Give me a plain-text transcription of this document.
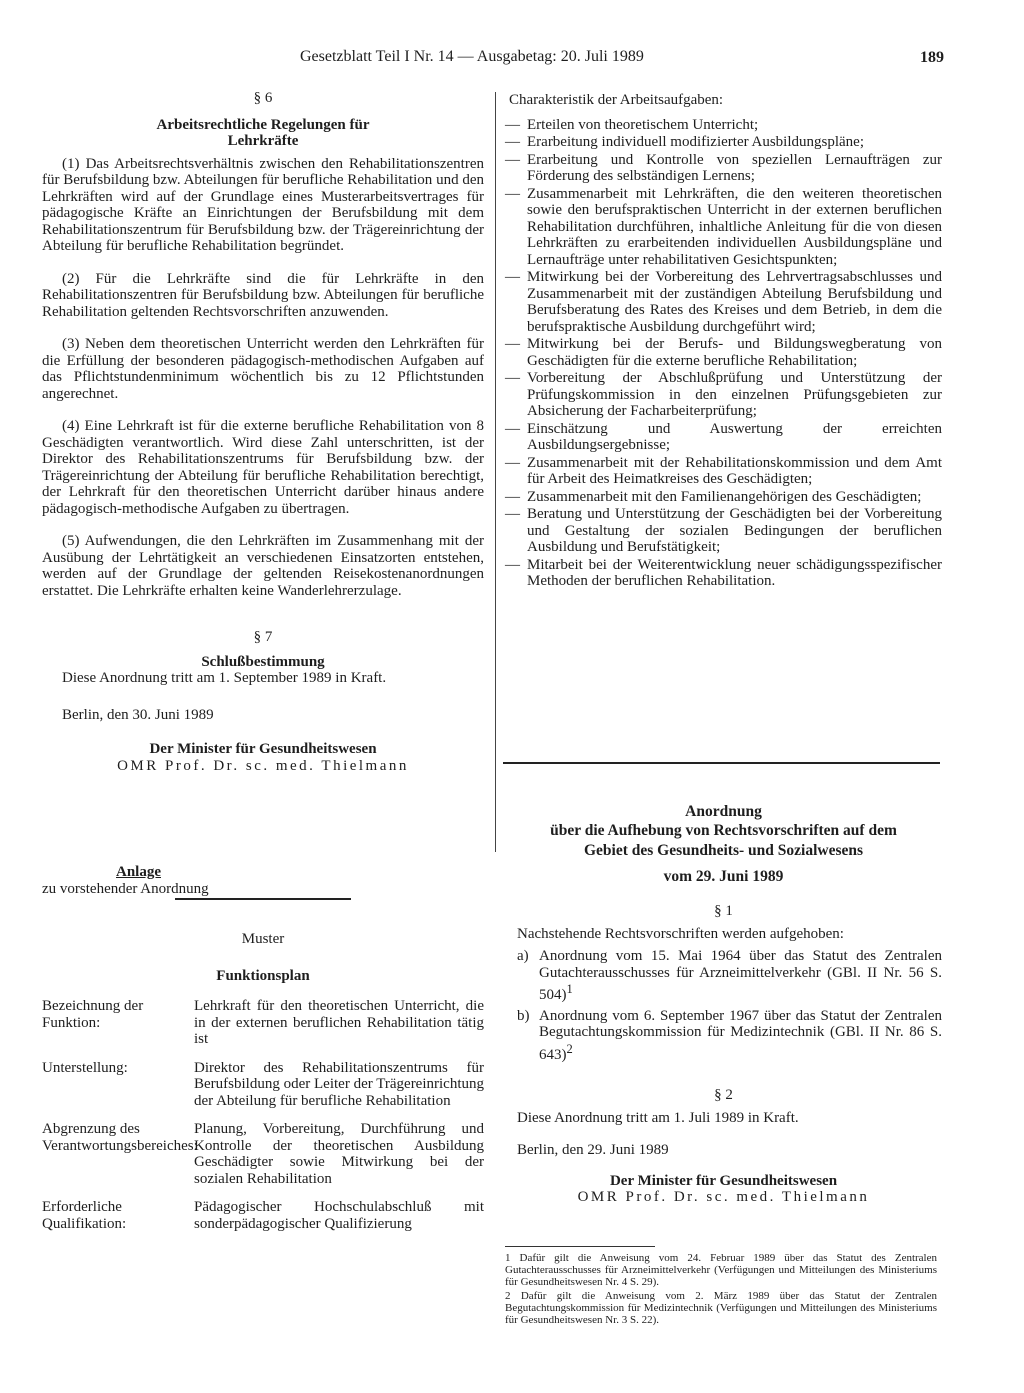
Gesetzblatt Teil I Nr. 14 — Ausgabetag: 20. Juli 1989	189

§ 6

Arbeitsrechtliche Regelungen für

Lehrkräfte

(1) Das Arbeitsrechtsverhältnis zwischen den Rehabilitationszentren für Berufsbildung bzw. Abteilungen für berufliche Rehabilitation und den Lehrkräften wird auf der Grundlage eines Musterarbeitsvertrages für pädagogische Kräfte an Einrichtungen der Berufsbildung mit dem Rehabilitationszentrum für Berufsbildung bzw. der Trägereinrichtung der Abteilung für berufliche Rehabilitation begründet.

(2) Für die Lehrkräfte sind die für Lehrkräfte in den Rehabilitationszentren für Berufsbildung bzw. Abteilungen für berufliche Rehabilitation geltenden Rechtsvorschriften anzuwenden.

(3) Neben dem theoretischen Unterricht werden den Lehrkräften für die Erfüllung der besonderen pädagogisch-methodischen Aufgaben auf das Pflichtstundenminimum wöchentlich bis zu 12 Pflichtstunden angerechnet.

(4) Eine Lehrkraft ist für die externe berufliche Rehabilitation von 8 Geschädigten verantwortlich. Wird diese Zahl unterschritten, ist der Direktor des Rehabilitationszentrums für Berufsbildung bzw. der Trägereinrichtung der Abteilung für berufliche Rehabilitation berechtigt, der Lehrkraft für den theoretischen Unterricht darüber hinaus andere pädagogisch-methodische Aufgaben zu übertragen.

(5) Aufwendungen, die den Lehrkräften im Zusammenhang mit der Ausübung der Lehrtätigkeit an verschiedenen Einsatzorten entstehen, werden auf der Grundlage der geltenden Reisekostenanordnungen erstattet. Die Lehrkräfte erhalten keine Wanderlehrerzulage.

§ 7

Schlußbestimmung

Diese Anordnung tritt am 1. September 1989 in Kraft.

Berlin, den 30. Juni 1989

Der Minister für Gesundheitswesen

OMR Prof. Dr. sc. med. Thielmann

Anlage

zu vorstehender Anordnung

Muster

Funktionsplan

Bezeichnung der Funktion:
Lehrkraft für den theoretischen Unterricht, die in der externen beruflichen Rehabilitation tätig ist
Unterstellung:	Direktor des Rehabilitationszentrums für Berufsbildung oder Leiter der Trägereinrichtung der Abteilung für berufliche Rehabilitation
Abgrenzung des Verantwortungsbereiches:
Planung, Vorbereitung, Durchführung und Kontrolle der theoretischen Ausbildung Geschädigter sowie Mitwirkung bei der sozialen Rehabilitation
Erforderliche Qualifikation:
Pädagogischer Hochschulabschluß mit sonderpädagogischer Qualifizierung

Charakteristik der Arbeitsaufgaben:

— Erteilen von theoretischem Unterricht;
— Erarbeitung individuell modifizierter Ausbildungspläne;
— Erarbeitung und Kontrolle von speziellen Lernaufträgen zur Förderung des selbständigen Lernens;
— Zusammenarbeit mit Lehrkräften, die den weiteren theoretischen sowie den berufspraktischen Unterricht in der externen beruflichen Rehabilitation durchführen, inhaltliche Anleitung für die von diesen Lehrkräften zu erarbeitenden individuellen Ausbildungspläne und Lernaufträge unter rehabilitativen Gesichtspunkten;
— Mitwirkung bei der Vorbereitung des Lehrvertragsabschlusses und Zusammenarbeit mit der zuständigen Abteilung Berufsbildung und Berufsberatung des Rates des Kreises und dem Betrieb, in dem die berufspraktische Ausbildung durchgeführt wird;
— Mitwirkung bei der Berufs- und Bildungswegberatung von Geschädigten für die externe berufliche Rehabilitation;
— Vorbereitung der Abschlußprüfung und Unterstützung der Prüfungskommission in den einzelnen Prüfungsgebieten zur Absicherung der Facharbeiterprüfung;
— Einschätzung und Auswertung der erreichten Ausbildungsergebnisse;
— Zusammenarbeit mit der Rehabilitationskommission und dem Amt für Arbeit des Heimatkreises des Geschädigten;
— Zusammenarbeit mit den Familienangehörigen des Geschädigten;
— Beratung und Unterstützung der Geschädigten bei der Vorbereitung und Gestaltung der sozialen Bedingungen der beruflichen Ausbildung und Berufstätigkeit;
— Mitarbeit bei der Weiterentwicklung neuer schädigungsspezifischer Methoden der beruflichen Rehabilitation.

Anordnung

über die Aufhebung von Rechtsvorschriften auf dem

Gebiet des Gesundheits- und Sozialwesens

vom 29. Juni 1989

§ 1

Nachstehende Rechtsvorschriften werden aufgehoben:

a) Anordnung vom 15. Mai 1964 über das Statut des Zentralen Gutachterausschusses für Arzneimittelverkehr (GBl. II Nr. 56 S. 504)$^1$
b) Anordnung vom 6. September 1967 über das Statut der Zentralen Begutachtungskommission für Medizintechnik (GBl. II Nr. 86 S. 643)$^2$

§ 2

Diese Anordnung tritt am 1. Juli 1989 in Kraft.

Berlin, den 29. Juni 1989

Der Minister für Gesundheitswesen

OMR Prof. Dr. sc. med. Thielmann

1 Dafür gilt die Anweisung vom 24. Februar 1989 über das Statut des Zentralen Gutachterausschusses für Arzneimittelverkehr (Verfügungen und Mitteilungen des Ministeriums für Gesundheitswesen Nr. 4 S. 29).

2 Dafür gilt die Anweisung vom 2. März 1989 über das Statut der Zentralen Begutachtungskommission für Medizintechnik (Verfügungen und Mitteilungen des Ministeriums für Gesundheitswesen Nr. 3 S. 22).
